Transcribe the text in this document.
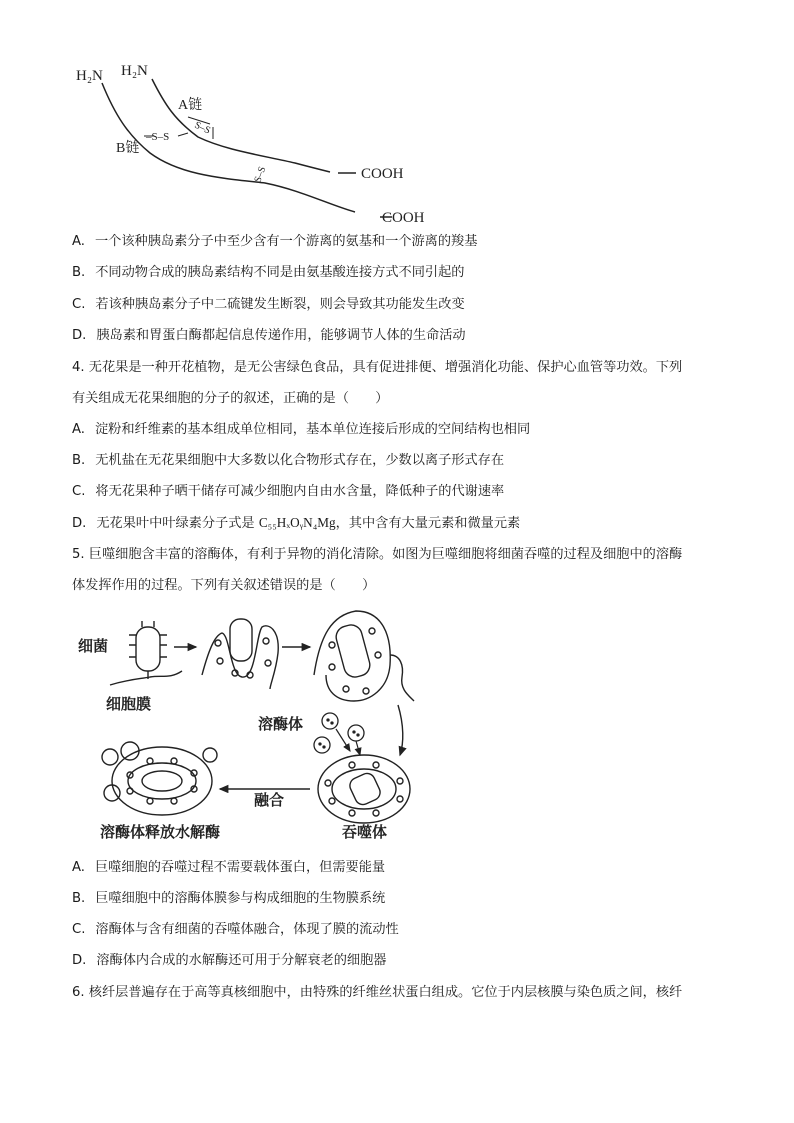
H₂N H₂N
A链
B链
S–S
–S–S
S–S	COOH
COOH
A. 一个该种胰岛素分子中至少含有一个游离的氨基和一个游离的羧基
B. 不同动物合成的胰岛素结构不同是由氨基酸连接方式不同引起的
C. 若该种胰岛素分子中二硫键发生断裂，则会导致其功能发生改变
D. 胰岛素和胃蛋白酶都起信息传递作用，能够调节人体的生命活动
4. 无花果是一种开花植物，是无公害绿色食品，具有促进排便、增强消化功能、保护心血管等功效。下列
有关组成无花果细胞的分子的叙述，正确的是（　　）
A. 淀粉和纤维素的基本组成单位相同，基本单位连接后形成的空间结构也相同
B. 无机盐在无花果细胞中大多数以化合物形式存在，少数以离子形式存在
C. 将无花果种子晒干储存可减少细胞内自由水含量，降低种子的代谢速率
D. 无花果叶中叶绿素分子式是 C₅₅HₓOᵧN₄Mg，其中含有大量元素和微量元素
5. 巨噬细胞含丰富的溶酶体，有利于异物的消化清除。如图为巨噬细胞将细菌吞噬的过程及细胞中的溶酶
体发挥作用的过程。下列有关叙述错误的是（　　）
细菌
细胞膜
溶酶体
融合
吞噬体
溶酶体释放水解酶
A. 巨噬细胞的吞噬过程不需要载体蛋白，但需要能量
B. 巨噬细胞中的溶酶体膜参与构成细胞的生物膜系统
C. 溶酶体与含有细菌的吞噬体融合，体现了膜的流动性
D. 溶酶体内合成的水解酶还可用于分解衰老的细胞器
6. 核纤层普遍存在于高等真核细胞中，由特殊的纤维丝状蛋白组成。它位于内层核膜与染色质之间，核纤
